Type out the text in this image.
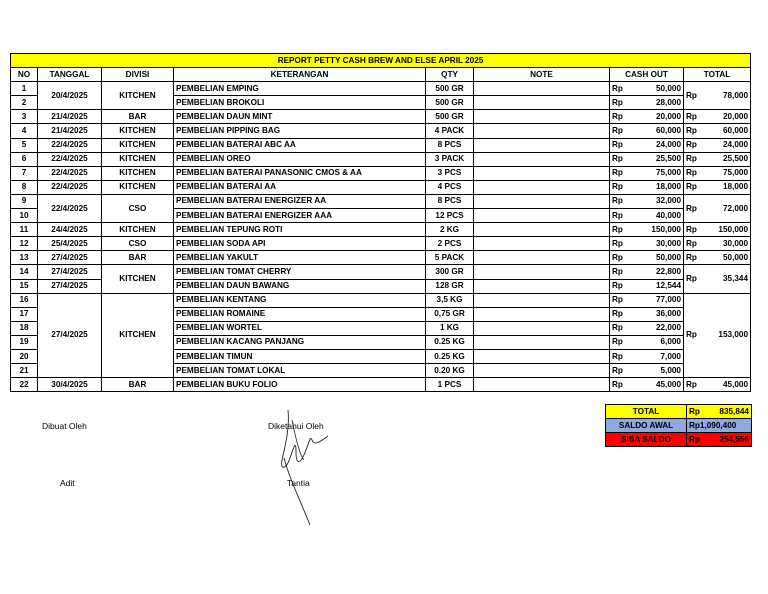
REPORT PETTY CASH BREW AND ELSE APRIL 2025							
NO	TANGGAL	DIVISI	KETERANGAN	QTY	NOTE	CASH OUT	TOTAL
1	20/4/2025	KITCHEN	PEMBELIAN EMPING	500 GR		Rp 50,000	Rp 78,000

2			PEMBELIAN BROKOLI	500 GR		Rp 28,000	

3	21/4/2025	BAR	PEMBELIAN DAUN MINT	500 GR		Rp 20,000	Rp 20,000

4	21/4/2025	KITCHEN	PEMBELIAN PIPPING BAG	4 PACK		Rp 60,000	Rp 60,000

5	22/4/2025	KITCHEN	PEMBELIAN BATERAI ABC AA	8 PCS		Rp 24,000	Rp 24,000

6	22/4/2025	KITCHEN	PEMBELIAN OREO	3 PACK		Rp 25,500	Rp 25,500

7	22/4/2025	KITCHEN	PEMBELIAN BATERAI PANASONIC CMOS & AA	3 PCS		Rp 75,000	Rp 75,000

8	22/4/2025	KITCHEN	PEMBELIAN BATERAI AA	4 PCS		Rp 18,000	Rp 18,000

9	22/4/2025	CSO	PEMBELIAN BATERAI ENERGIZER AA	8 PCS		Rp 32,000	Rp 72,000

10			PEMBELIAN BATERAI ENERGIZER AAA	12 PCS		Rp 40,000	

11	24/4/2025	KITCHEN	PEMBELIAN TEPUNG ROTI	2 KG		Rp 150,000	Rp 150,000

12	25/4/2025	CSO	PEMBELIAN SODA API	2 PCS		Rp 30,000	Rp 30,000

13	27/4/2025	BAR	PEMBELIAN YAKULT	5 PACK		Rp 50,000	Rp 50,000

14	27/4/2025	KITCHEN	PEMBELIAN TOMAT CHERRY	300 GR		Rp 22,800	Rp 35,344

15	27/4/2025		PEMBELIAN DAUN BAWANG	128 GR		Rp 12,544	

16	27/4/2025	KITCHEN	PEMBELIAN KENTANG	3,5 KG		Rp 77,000	Rp 153,000

17			PEMBELIAN ROMAINE	0,75 GR		Rp 36,000	

18			PEMBELIAN WORTEL	1 KG		Rp 22,000	

19			PEMBELIAN KACANG PANJANG	0.25 KG		Rp 6,000	

20			PEMBELIAN TIMUN	0.25 KG		Rp 7,000	

21			PEMBELIAN TOMAT LOKAL	0.20 KG		Rp 5,000	

22	30/4/2025	BAR	PEMBELIAN BUKU FOLIO	1 PCS		Rp 45,000	Rp 45,000
TOTAL	Rp 835,844

SALDO AWAL	Rp1,090,400
SISA SALDO	Rp 254,556
Dibuat Oleh	Diketahui Oleh
Adit	Tantia
